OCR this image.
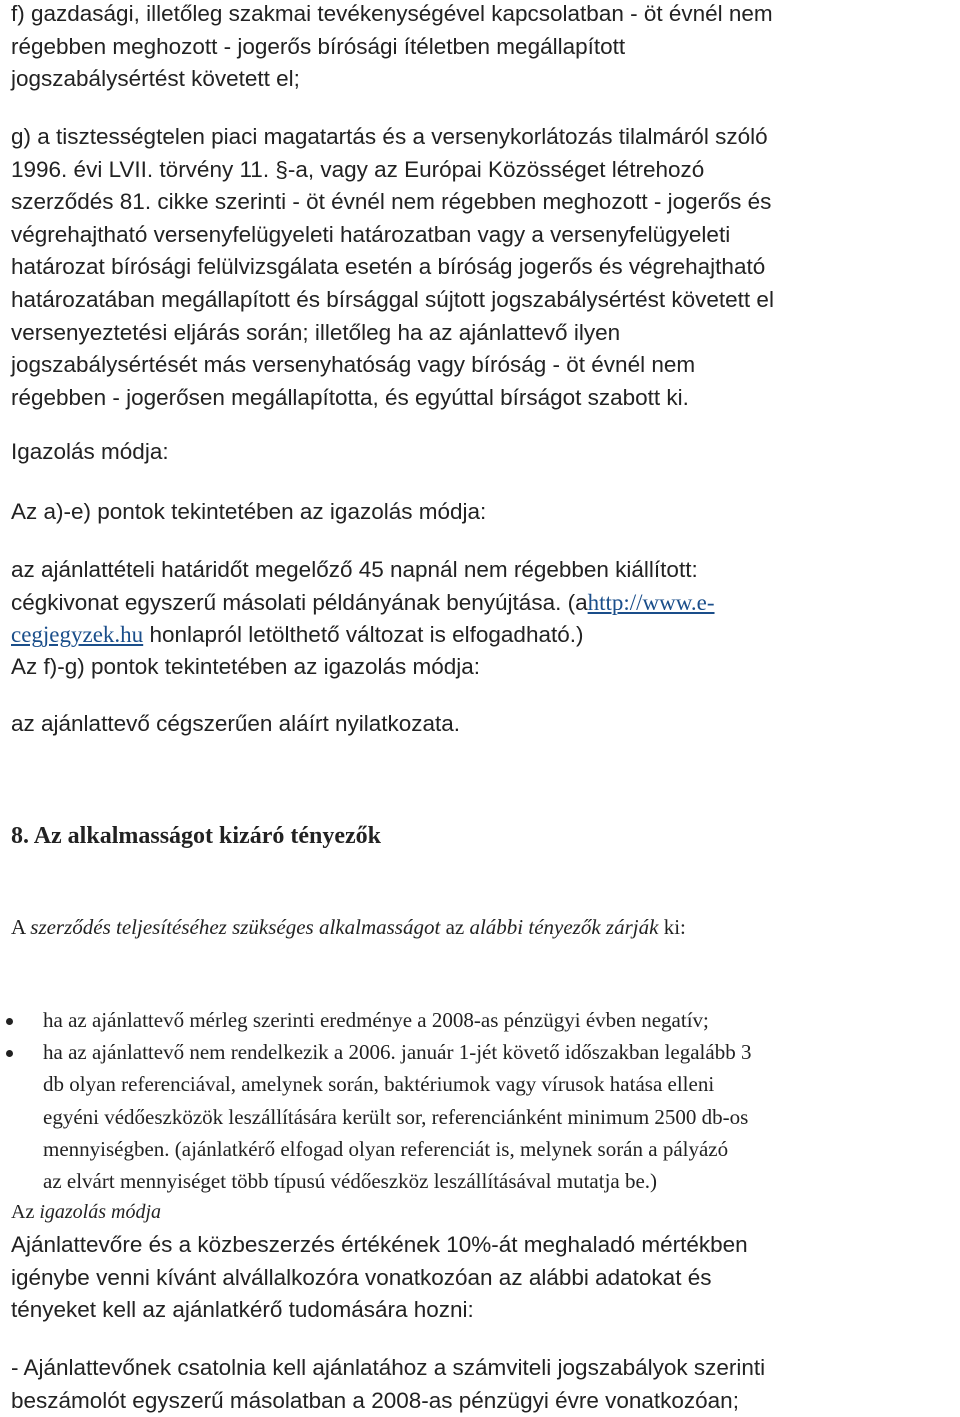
f) gazdasági, illetőleg szakmai tevékenységével kapcsolatban - öt évnél nem
régebben meghozott - jogerős bírósági ítéletben megállapított
jogszabálysértést követett el;
g) a tisztességtelen piaci magatartás és a versenykorlátozás tilalmáról szóló
1996. évi LVII. törvény 11. §-a, vagy az Európai Közösséget létrehozó
szerződés 81. cikke szerinti - öt évnél nem régebben meghozott - jogerős és
végrehajtható versenyfelügyeleti határozatban vagy a versenyfelügyeleti
határozat bírósági felülvizsgálata esetén a bíróság jogerős és végrehajtható
határozatában megállapított és bírsággal sújtott jogszabálysértést követett el
versenyeztetési eljárás során; illetőleg ha az ajánlattevő ilyen
jogszabálysértését más versenyhatóság vagy bíróság - öt évnél nem
régebben - jogerősen megállapította, és egyúttal bírságot szabott ki.
Igazolás módja:
Az a)-e) pontok tekintetében az igazolás módja:
az ajánlattételi határidőt megelőző 45 napnál nem régebben kiállított:
cégkivonat egyszerű másolati példányának benyújtása. (ahttp://www.e-
cegjegyzek.hu honlapról letölthető változat is elfogadható.)
Az f)-g) pontok tekintetében az igazolás módja:
az ajánlattevő cégszerűen aláírt nyilatkozata.
8. Az alkalmasságot kizáró tényezők
A szerződés teljesítéséhez szükséges alkalmasságot az alábbi tényezők zárják ki:
ha az ajánlattevő mérleg szerinti eredménye a 2008-as pénzügyi évben negatív;
ha az ajánlattevő nem rendelkezik a 2006. január 1-jét követő időszakban legalább 3
db olyan referenciával, amelynek során, baktériumok vagy vírusok hatása elleni
egyéni védőeszközök leszállítására került sor, referenciánként minimum 2500 db-os
mennyiségben. (ajánlatkérő elfogad olyan referenciát is, melynek során a pályázó
az elvárt mennyiséget több típusú védőeszköz leszállításával mutatja be.)
Az igazolás módja
Ajánlattevőre és a közbeszerzés értékének 10%-át meghaladó mértékben
igénybe venni kívánt alvállalkozóra vonatkozóan az alábbi adatokat és
tényeket kell az ajánlatkérő tudomására hozni:
- Ajánlattevőnek csatolnia kell ajánlatához a számviteli jogszabályok szerinti
beszámolót egyszerű másolatban a 2008-as pénzügyi évre vonatkozóan;
